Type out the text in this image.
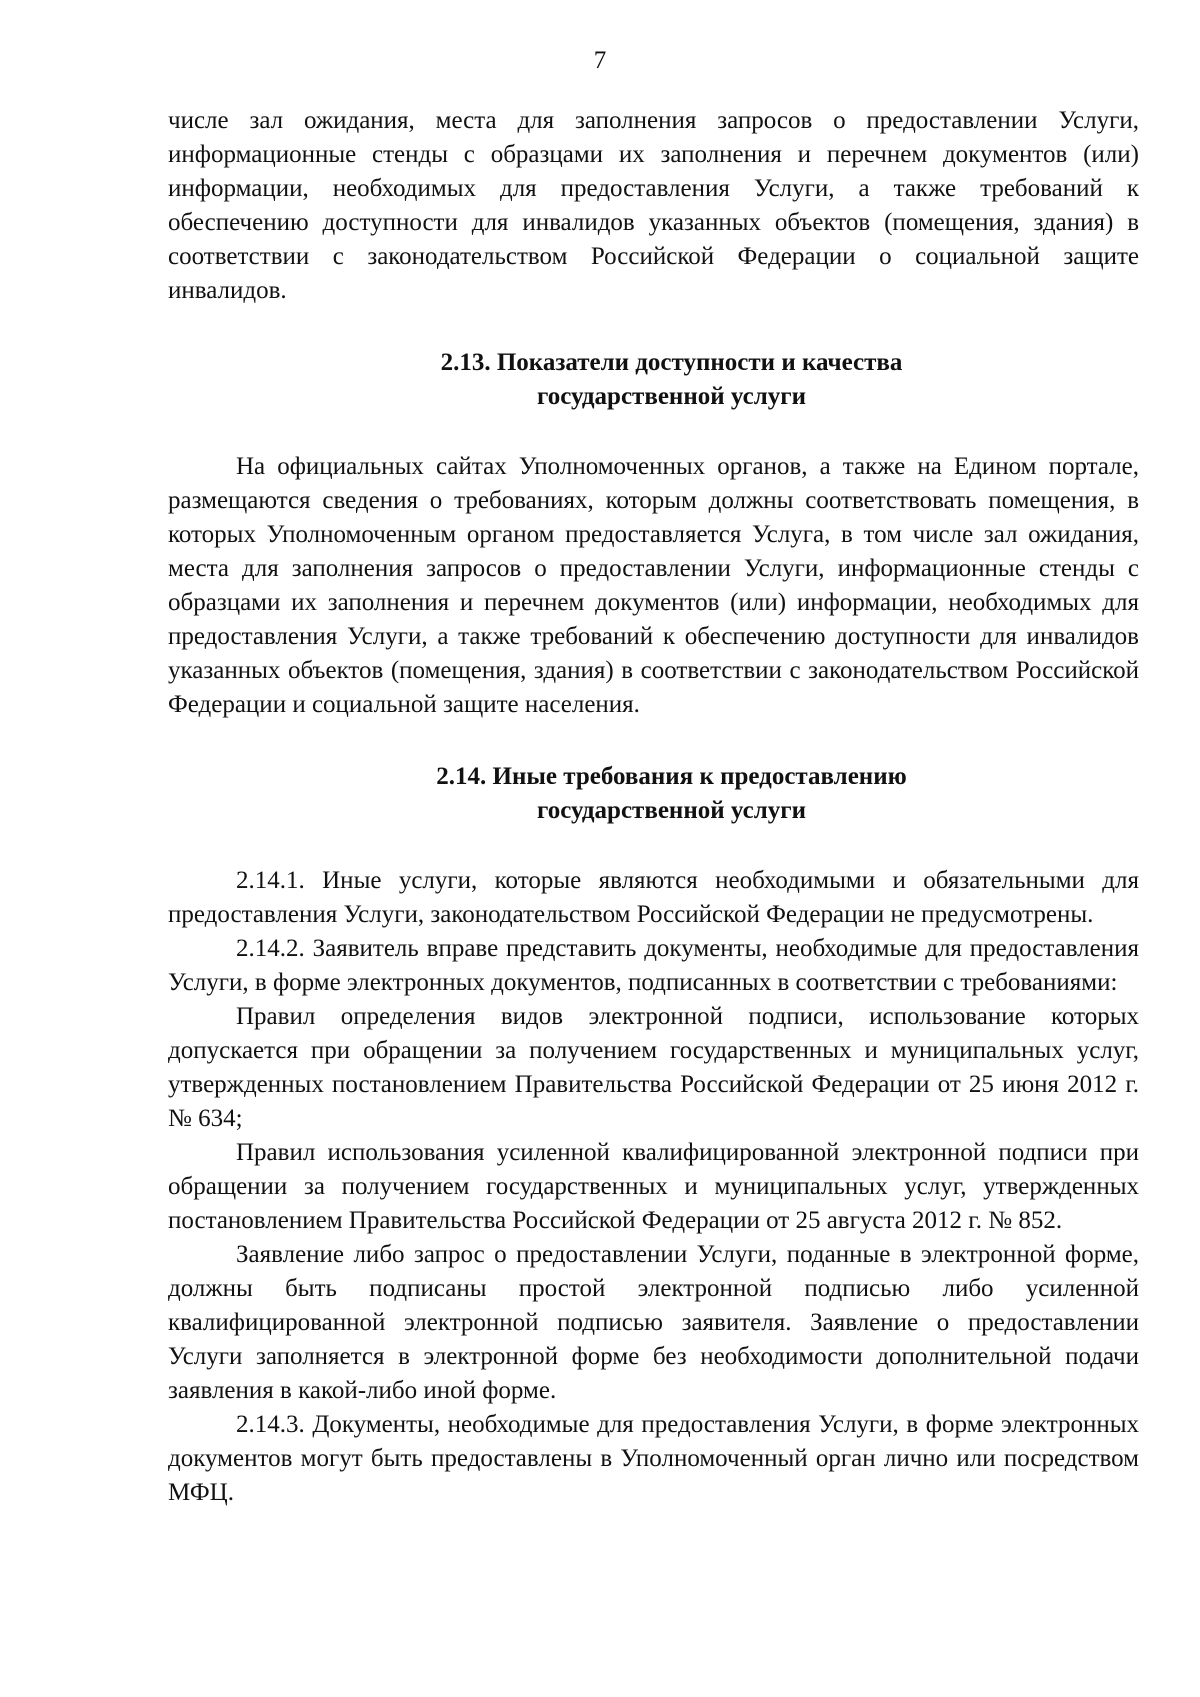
7

числе зал ожидания, места для заполнения запросов о предоставлении Услуги, информационные стенды с образцами их заполнения и перечнем документов (или) информации, необходимых для предоставления Услуги, а также требований к обеспечению доступности для инвалидов указанных объектов (помещения, здания) в соответствии с законодательством Российской Федерации о социальной защите инвалидов.

2.13. Показатели доступности и качества
государственной услуги

На официальных сайтах Уполномоченных органов, а также на Едином портале, размещаются сведения о требованиях, которым должны соответствовать помещения, в которых Уполномоченным органом предоставляется Услуга, в том числе зал ожидания, места для заполнения запросов о предоставлении Услуги, информационные стенды с образцами их заполнения и перечнем документов (или) информации, необходимых для предоставления Услуги, а также требований к обеспечению доступности для инвалидов указанных объектов (помещения, здания) в соответствии с законодательством Российской Федерации и социальной защите населения.

2.14. Иные требования к предоставлению
государственной услуги

2.14.1. Иные услуги, которые являются необходимыми и обязательными для предоставления Услуги, законодательством Российской Федерации не предусмотрены.

2.14.2. Заявитель вправе представить документы, необходимые для предоставления Услуги, в форме электронных документов, подписанных в соответствии с требованиями:

Правил определения видов электронной подписи, использование которых допускается при обращении за получением государственных и муниципальных услуг, утвержденных постановлением Правительства Российской Федерации от 25 июня 2012 г. № 634;

Правил использования усиленной квалифицированной электронной подписи при обращении за получением государственных и муниципальных услуг, утвержденных постановлением Правительства Российской Федерации от 25 августа 2012 г. № 852.

Заявление либо запрос о предоставлении Услуги, поданные в электронной форме, должны быть подписаны простой электронной подписью либо усиленной квалифицированной электронной подписью заявителя. Заявление о предоставлении Услуги заполняется в электронной форме без необходимости дополнительной подачи заявления в какой-либо иной форме.

2.14.3. Документы, необходимые для предоставления Услуги, в форме электронных документов могут быть предоставлены в Уполномоченный орган лично или посредством МФЦ.
